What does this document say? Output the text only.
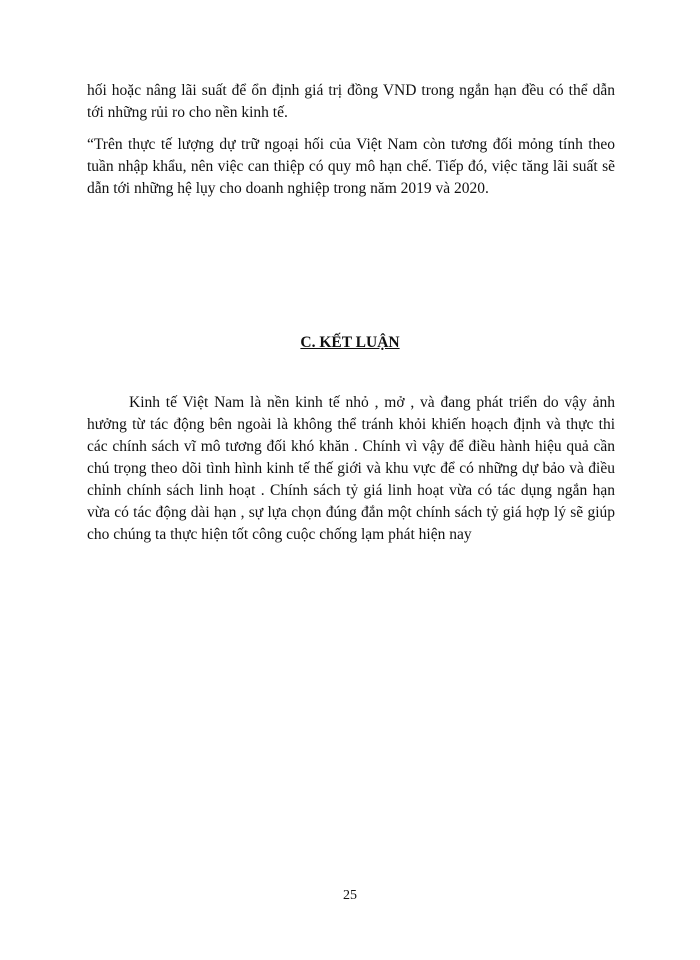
hối hoặc nâng lãi suất để ổn định giá trị đồng VND trong ngắn hạn đều có thể dẫn tới những rủi ro cho nền kinh tế.

“Trên thực tế lượng dự trữ ngoại hối của Việt Nam còn tương đối mỏng tính theo tuần nhập khẩu, nên việc can thiệp có quy mô hạn chế. Tiếp đó, việc tăng lãi suất sẽ dẫn tới những hệ lụy cho doanh nghiệp trong năm 2019 và 2020.

C. KẾT LUẬN

Kinh tế Việt Nam là nền kinh tế nhỏ , mở , và đang phát triển do vậy ảnh hưởng từ tác động bên ngoài là không thể tránh khỏi khiến hoạch định và thực thi các chính sách vĩ mô tương đối khó khăn . Chính vì vậy để điều hành hiệu quả cần chú trọng theo dõi tình hình kinh tế thế giới và khu vực để có những dự bảo và điều chỉnh chính sách linh hoạt . Chính sách tỷ giá linh hoạt vừa có tác dụng ngắn hạn vừa có tác động dài hạn , sự lựa chọn đúng đắn một chính sách tỷ giá hợp lý sẽ giúp cho chúng ta thực hiện tốt công cuộc chống lạm phát hiện nay

25
